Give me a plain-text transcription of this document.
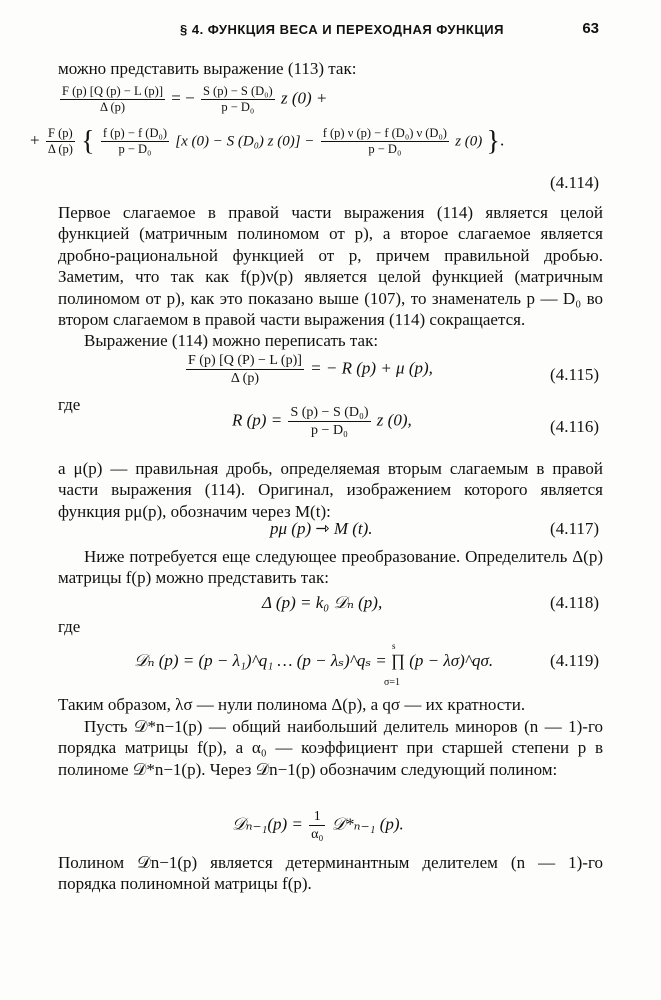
§ 4. ФУНКЦИЯ ВЕСА И ПЕРЕХОДНАЯ ФУНКЦИЯ	63
можно представить выражение (113) так:
$\frac{F (p) [Q (p) - L (p)]}{\Delta (p)}$ = − $\frac{\text{S (p) − S (D₀)}}{\text{p − D₀}}$ z (0) +
+ $\frac{F (p)}{\Delta (p)}$ { $\frac{\text{f (p) − f (D₀)}}{\text{p − D₀}} [x$ (0) − S (D₀) z $(0)] - \frac{\text{f (p) ν (p) − f (D₀) ν (D₀)}}{\text{p − D₀}}$ z (0) }.
(4.114)
Первое слагаемое в правой части выражения (114) является целой функцией (матричным полиномом от p), а второе слагаемое является дробно-рациональной функцией от p, причем правильной дробью. Заметим, что так как f(p)ν(p) является целой функцией (матричным полиномом от p), как это показано выше (107), то знаменатель p — D₀ во втором слагаемом в правой части выражения (114) сокращается.
Выражение (114) можно переписать так:
$\frac{F (p) [Q (P) - L (p)]}{\Delta (p)}$ = − R (p) + μ (p),	(4.115)
где
R $(p) = \frac{\text{S (p) − S (D₀)}}{\text{p − D₀}}$ z (0),	(4.116)
а μ(p) — правильная дробь, определяемая вторым слагаемым в правой части выражения (114). Оригинал, изображением которого является функция pμ(p), обозначим через M(t):
pμ (p) ⇾ M (t).	(4.117)
Ниже потребуется еще следующее преобразование. Определитель Δ(p) матрицы f(p) можно представить так:
Δ (p) = k₀ 𝒟ₙ (p),	(4.118)
где
𝒟ₙ (p) = (p − λ₁)^q₁ … (p − λₛ)^qₛ = ∏ (p − λσ)^qσ.
s
σ=1
(4.119)
Таким образом, λσ — нули полинома Δ(p), а qσ — их кратности.
Пусть 𝒟*n−1(p) — общий наибольший делитель миноров (n — 1)-го порядка матрицы f(p), а α₀ — коэффициент при старшей степени p в полиноме 𝒟*n−1(p). Через 𝒟n−1(p) обозначим следующий полином:
𝒟ₙ₋₁(p) = $\frac{1}{\text{α₀}}$ 𝒟*ₙ₋₁ (p).
Полином 𝒟n−1(p) является детерминантным делителем (n — 1)-го порядка полиномной матрицы f(p).
